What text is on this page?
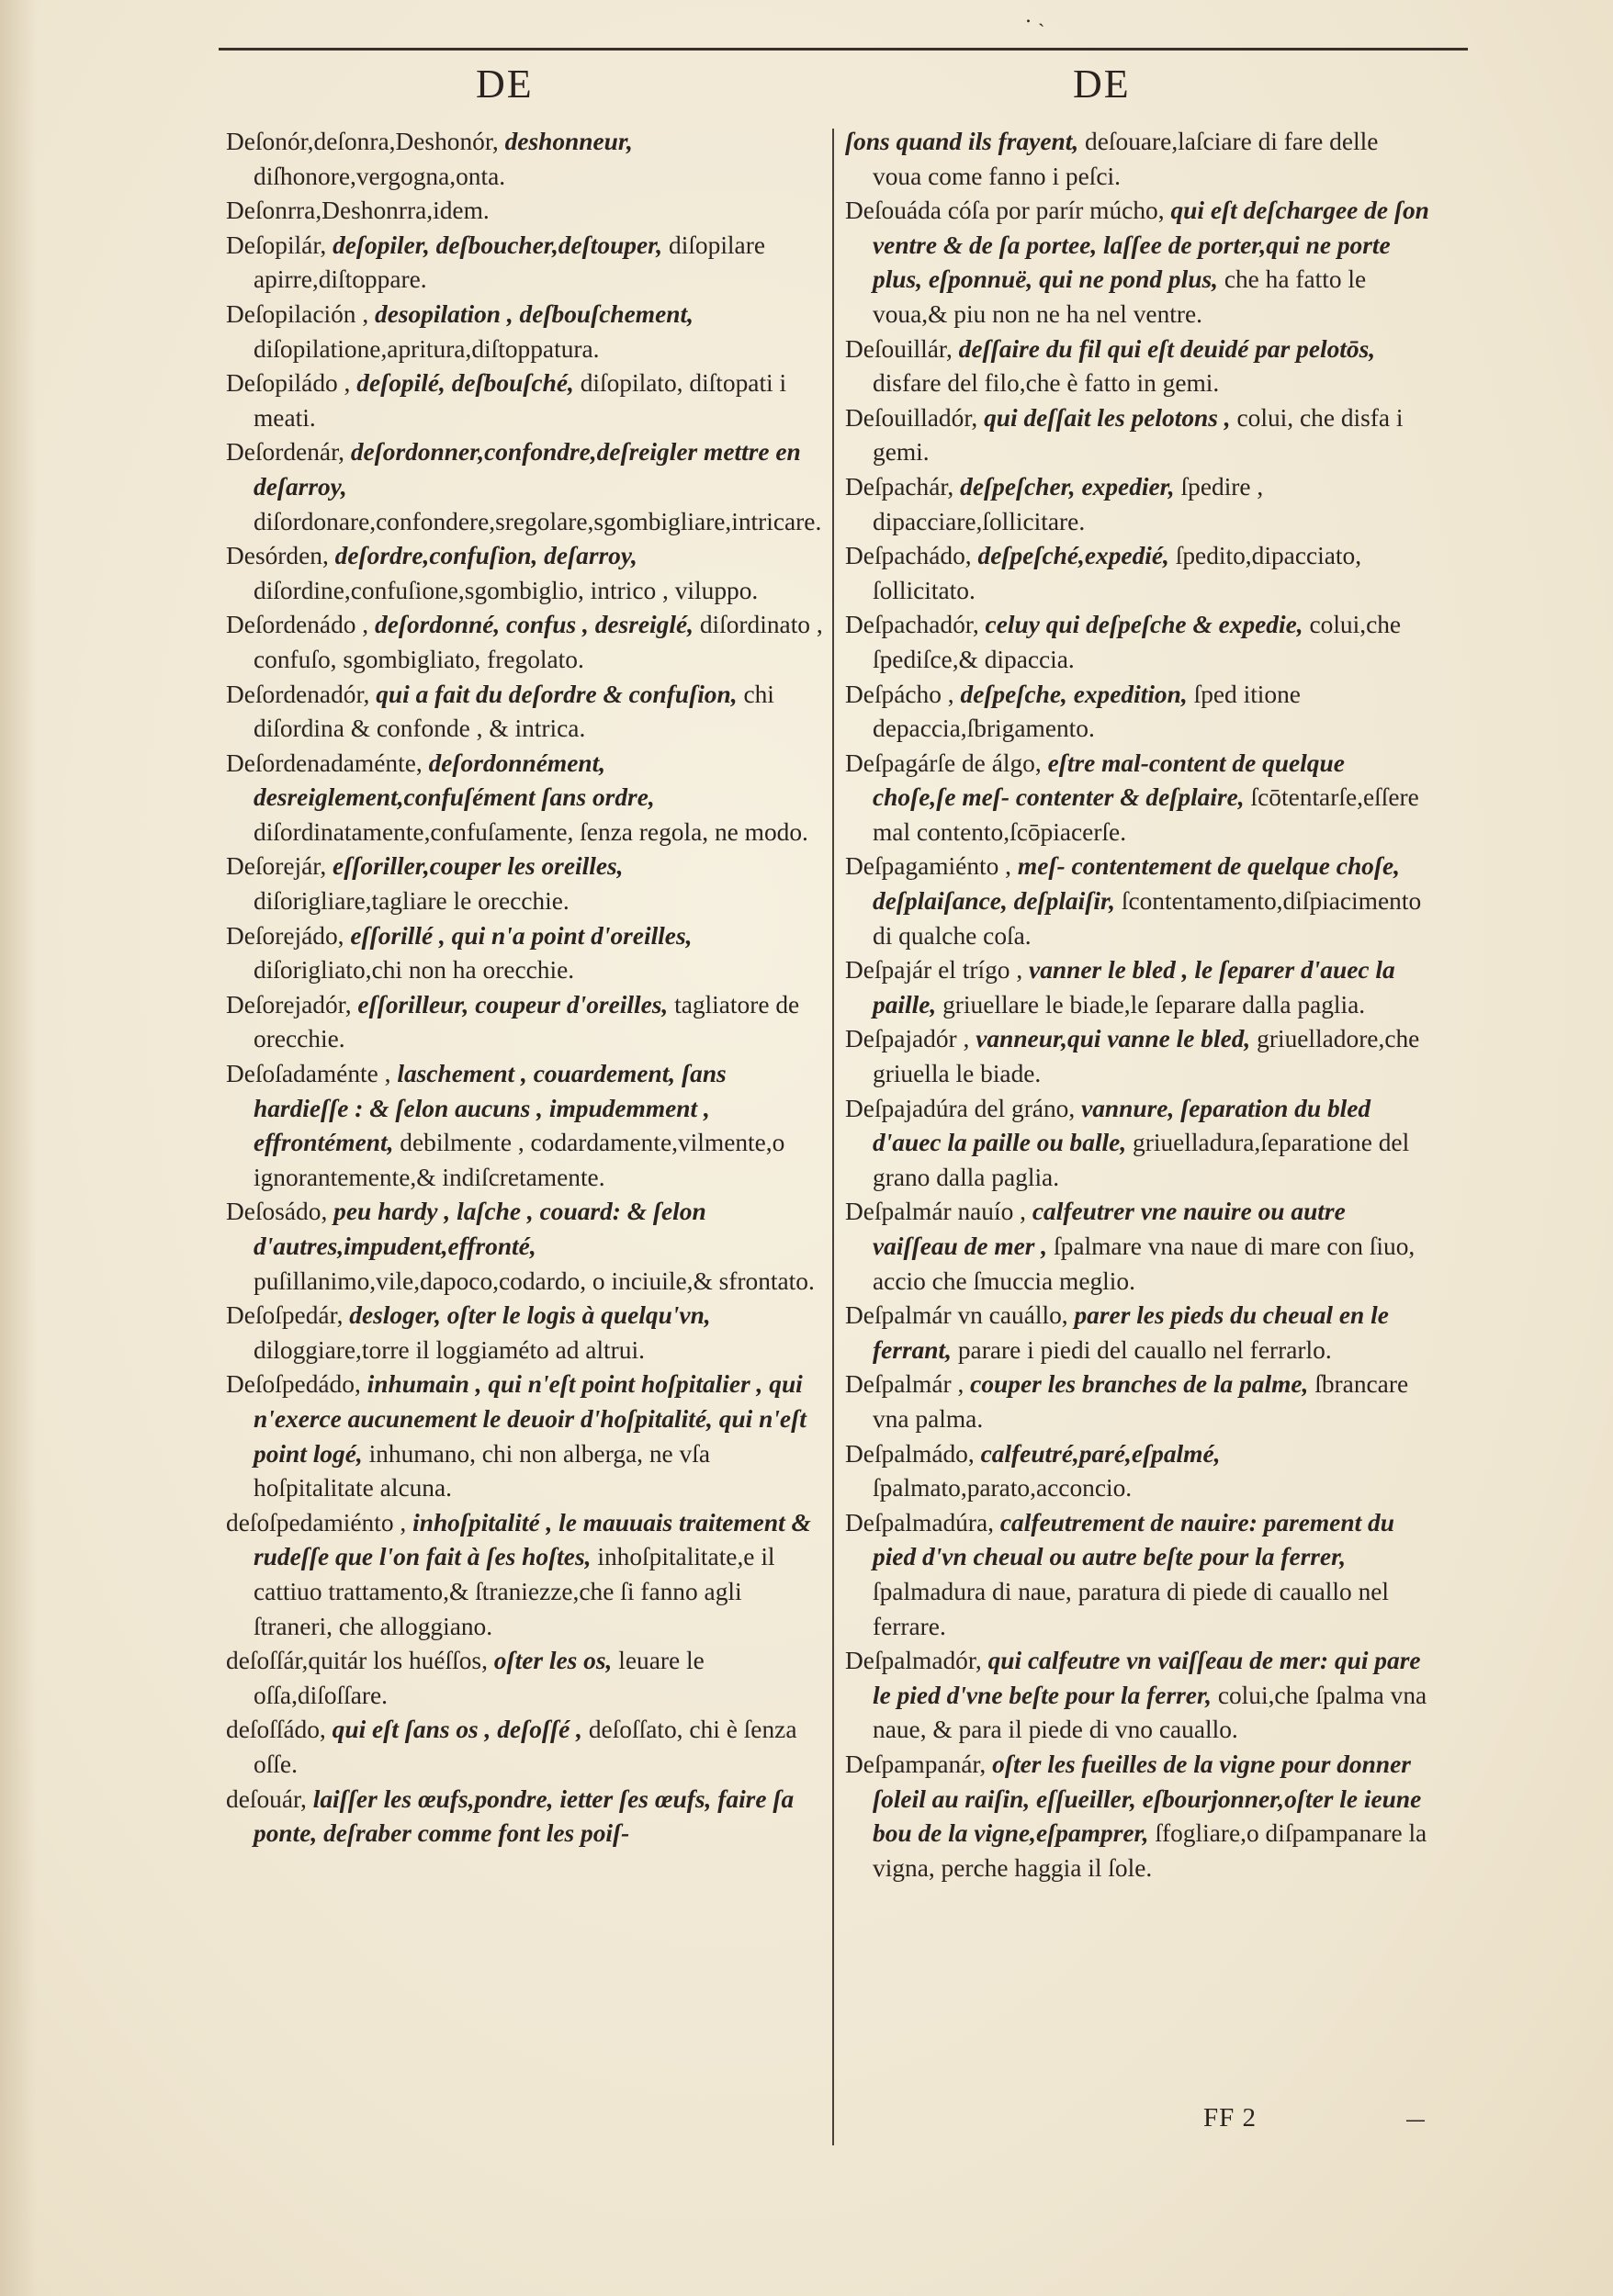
. ˎ
DE	DE

Deſonór,deſonra,Deshonór, deshonneur, diſhonore,vergogna,onta.

Deſonrra,Deshonrra,idem.

Deſopilár, deſopiler, deſboucher,deſtouper, diſopilare apirre,diſtoppare.

Deſopilación , desopilation , deſbouſchement, diſopilatione,apritura,diſtoppatura.

Deſopiládo , deſopilé, deſbouſché, diſopilato, diſtopati i meati.

Deſordenár, deſordonner,confondre,deſreigler mettre en deſarroy, diſordonare,confondere,sregolare,sgombigliare,intricare.

Desórden, deſordre,confuſion, deſarroy, diſordine,confuſione,sgombiglio, intrico , viluppo.

Deſordenádo , deſordonné, confus , desreiglé, diſordinato , confuſo, sgombigliato, fregolato.

Deſordenadór, qui a fait du deſordre & confuſion, chi diſordina & confonde , & intrica.

Deſordenadaménte, deſordonnément, desreiglement,confuſément ſans ordre, diſordinatamente,confuſamente, ſenza regola, ne modo.

Deſorejár, eſſoriller,couper les oreilles, diſorigliare,tagliare le orecchie.

Deſorejádo, eſſorillé , qui n'a point d'oreilles, diſorigliato,chi non ha orecchie.

Deſorejadór, eſſorilleur, coupeur d'oreilles, tagliatore de orecchie.

Deſoſadaménte , laschement , couardement, ſans hardieſſe : & ſelon aucuns , impudemment , effrontément, debilmente , codardamente,vilmente,o ignorantemente,& indiſcretamente.

Deſosádo, peu hardy , laſche , couard: & ſelon d'autres,impudent,effronté, puſillanimo,vile,dapoco,codardo, o inciuile,& sfrontato.

Deſoſpedár, desloger, oſter le logis à quelqu'vn, diloggiare,torre il loggiaméto ad altrui.

Deſoſpedádo, inhumain , qui n'eſt point hoſpitalier , qui n'exerce aucunement le deuoir d'hoſpitalité, qui n'eſt point logé, inhumano, chi non alberga, ne vſa hoſpitalitate alcuna.

deſoſpedamiénto , inhoſpitalité , le mauuais traitement & rudeſſe que l'on fait à ſes hoſtes, inhoſpitalitate,e il cattiuo trattamento,& ſtraniezze,che ſi fanno agli ſtraneri, che alloggiano.

deſoſſár,quitár los huéſſos, oſter les os, leuare le oſſa,diſoſſare.

deſoſſádo, qui eſt ſans os , deſoſſé , deſoſſato, chi è ſenza oſſe.

deſouár, laiſſer les œufs,pondre, ietter ſes œufs, faire ſa ponte, deſraber comme font les poiſ-

ſons quand ils frayent, deſouare,laſciare di fare delle voua come fanno i peſci.

Deſouáda cóſa por parír múcho, qui eſt deſchargee de ſon ventre & de ſa portee, laſſee de porter,qui ne porte plus, eſponnuë, qui ne pond plus, che ha fatto le voua,& piu non ne ha nel ventre.

Deſouillár, deſſaire du fil qui eſt deuidé par pelotōs, disfare del filo,che è fatto in gemi.

Deſouilladór, qui deſſait les pelotons , colui, che disfa i gemi.

Deſpachár, deſpeſcher, expedier, ſpedire , dipacciare,ſollicitare.

Deſpachádo, deſpeſché,expedié, ſpedito,dipacciato, ſollicitato.

Deſpachadór, celuy qui deſpeſche & expedie, colui,che ſpediſce,& dipaccia.

Deſpácho , deſpeſche, expedition, ſped itione depaccia,ſbrigamento.

Deſpagárſe de álgo, eſtre mal-content de quelque choſe,ſe meſ- contenter & deſplaire, ſcōtentarſe,eſſere mal contento,ſcōpiacerſe.

Deſpagamiénto , meſ- contentement de quelque choſe, deſplaiſance, deſplaiſir, ſcontentamento,diſpiacimento di qualche coſa.

Deſpajár el trígo , vanner le bled , le ſeparer d'auec la paille, griuellare le biade,le ſeparare dalla paglia.

Deſpajadór , vanneur,qui vanne le bled, griuelladore,che griuella le biade.

Deſpajadúra del gráno, vannure, ſeparation du bled d'auec la paille ou balle, griuelladura,ſeparatione del grano dalla paglia.

Deſpalmár nauío , calfeutrer vne nauire ou autre vaiſſeau de mer , ſpalmare vna naue di mare con ſiuo, accio che ſmuccia meglio.

Deſpalmár vn cauállo, parer les pieds du cheual en le ferrant, parare i piedi del cauallo nel ferrarlo.

Deſpalmár , couper les branches de la palme, ſbrancare vna palma.

Deſpalmádo, calfeutré,paré,eſpalmé, ſpalmato,parato,acconcio.

Deſpalmadúra, calfeutrement de nauire: parement du pied d'vn cheual ou autre beſte pour la ferrer, ſpalmadura di naue, paratura di piede di cauallo nel ferrare.

Deſpalmadór, qui calfeutre vn vaiſſeau de mer: qui pare le pied d'vne beſte pour la ferrer, colui,che ſpalma vna naue, & para il piede di vno cauallo.

Deſpampanár, oſter les fueilles de la vigne pour donner ſoleil au raiſin, eſſueiller, eſbourjonner,oſter le ieune bou de la vigne,eſpamprer, ſfogliare,o diſpampanare la vigna, perche haggia il ſole.

FF 2	—
